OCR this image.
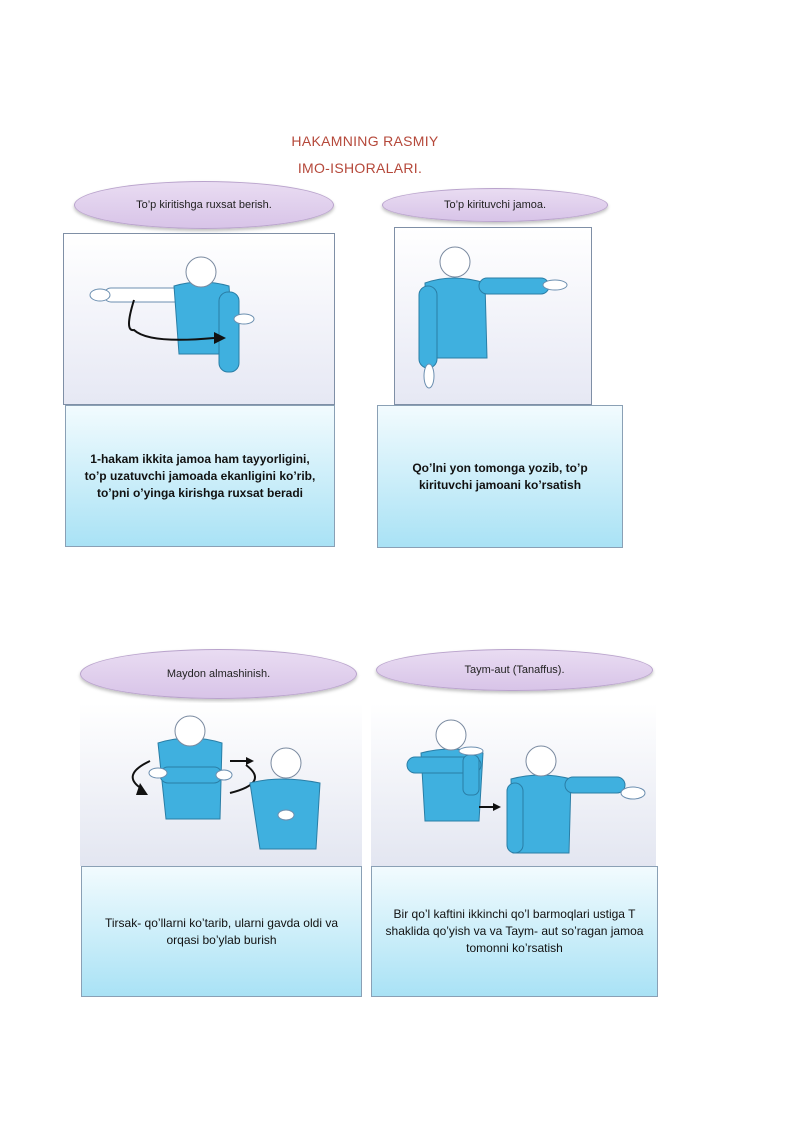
HAKAMNING RASMIY
IMO-ISHORALARI.
To’p kiritishga ruxsat berish.
1-hakam ikkita jamoa ham tayyorligini, to’p uzatuvchi jamoada ekanligini ko’rib, to’pni o’yinga kirishga ruxsat beradi
To’p kirituvchi jamoa.
Qo’lni yon tomonga yozib, to’p kirituvchi jamoani ko’rsatish
Maydon almashinish.
Tirsak- qo’llarni ko’tarib, ularni gavda oldi va orqasi bo’ylab burish
Taym-aut (Tanaffus).
Bir qo’l kaftini ikkinchi qo’l barmoqlari ustiga T shaklida qo’yish va va Taym- aut so’ragan jamoa tomonni ko’rsatish
